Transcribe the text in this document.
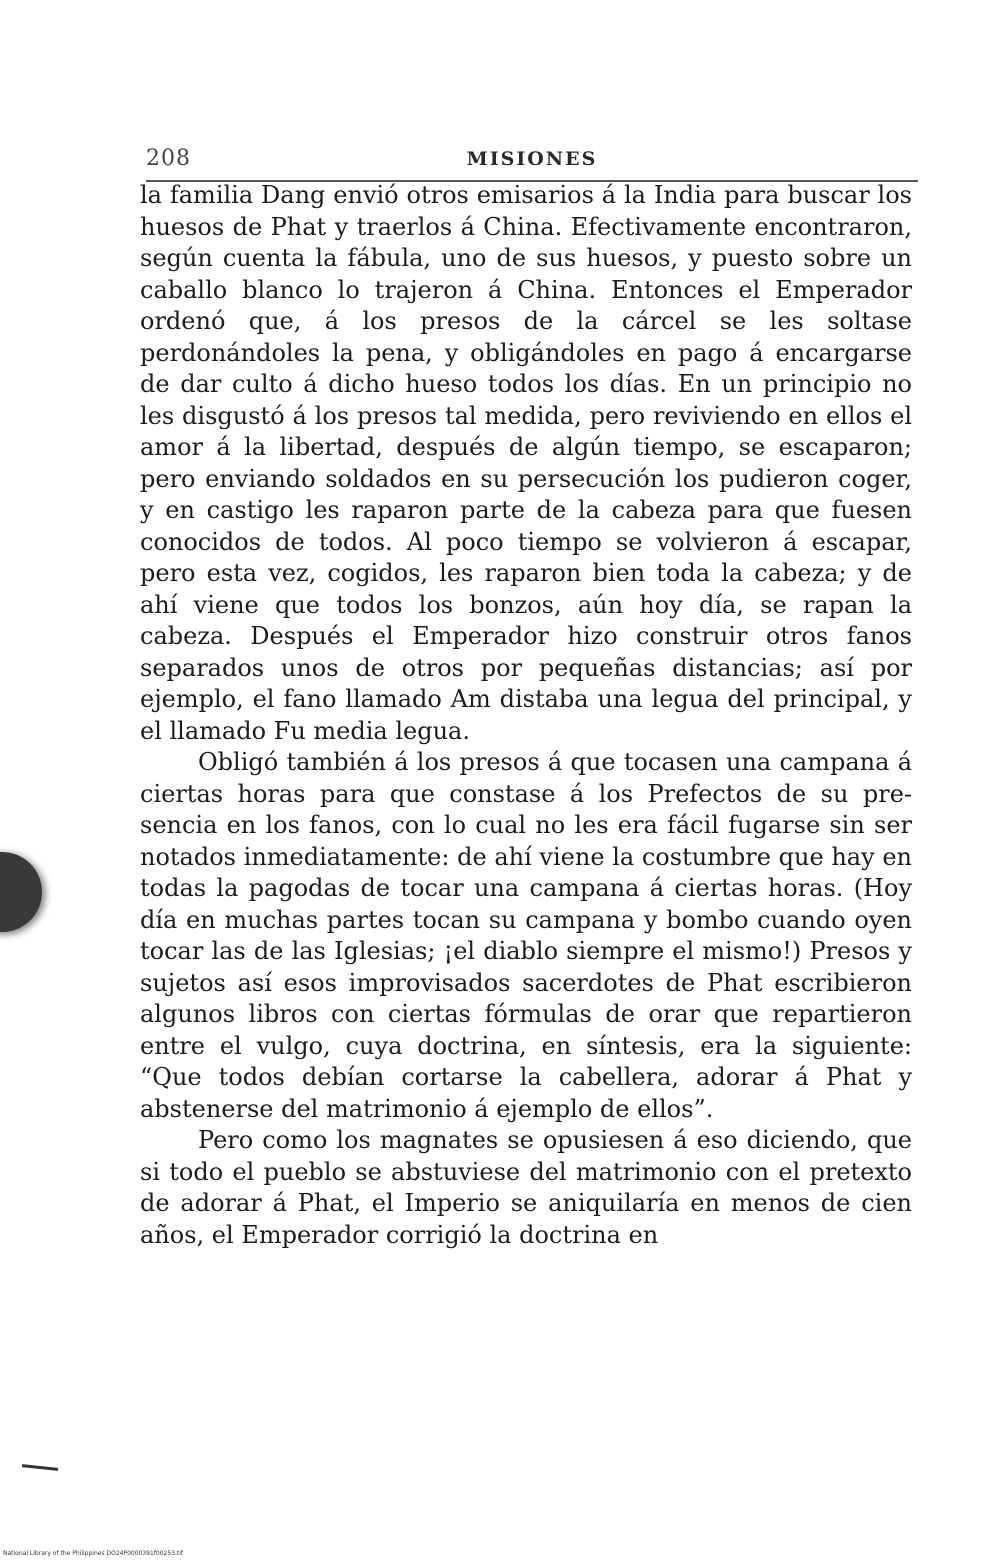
208	MISIONES

la familia Dang envió otros emisarios á la India para buscar los huesos de Phat y traerlos á China. Efectivamente encontraron, según cuenta la fábula, uno de sus huesos, y puesto sobre un caballo blanco lo trajeron á China. Entonces el Emperador ordenó que, á los presos de la cárcel se les soltase perdonándoles la pena, y obligándoles en pago á encargarse de dar culto á dicho hueso todos los días. En un principio no les disgustó á los presos tal medida, pero reviviendo en ellos el amor á la libertad, después de algún tiempo, se escaparon; pero enviando soldados en su persecución los pudieron coger, y en castigo les raparon parte de la cabeza para que fuesen conocidos de todos. Al poco tiempo se volvieron á escapar, pero esta vez, cogidos, les raparon bien toda la cabeza; y de ahí viene que todos los bonzos, aún hoy día, se rapan la cabeza. Después el Emperador hizo construir otros fanos separados unos de otros por pequeñas distancias; así por ejemplo, el fano llamado Am distaba una legua del principal, y el llamado Fu media legua.

Obligó también á los presos á que tocasen una campana á ciertas horas para que constase á los Prefectos de su presencia en los fanos, con lo cual no les era fácil fugarse sin ser notados inmediatamente: de ahí viene la costumbre que hay en todas la pagodas de tocar una campana á ciertas horas. (Hoy día en muchas partes tocan su campana y bombo cuando oyen tocar las de las Iglesias; ¡el diablo siempre el mismo!) Presos y sujetos así esos improvisados sacerdotes de Phat escribieron algunos libros con ciertas fórmulas de orar que repartieron entre el vulgo, cuya doctrina, en síntesis, era la siguiente: “Que todos debían cortarse la cabellera, adorar á Phat y abstenerse del matrimonio á ejemplo de ellos”.

Pero como los magnates se opusiesen á eso diciendo, que si todo el pueblo se abstuviese del matrimonio con el pretexto de adorar á Phat, el Imperio se aniquilaría en menos de cien años, el Emperador corrigió la doctrina en

National Library of the Philippines DO24P0000391f00253.tif
